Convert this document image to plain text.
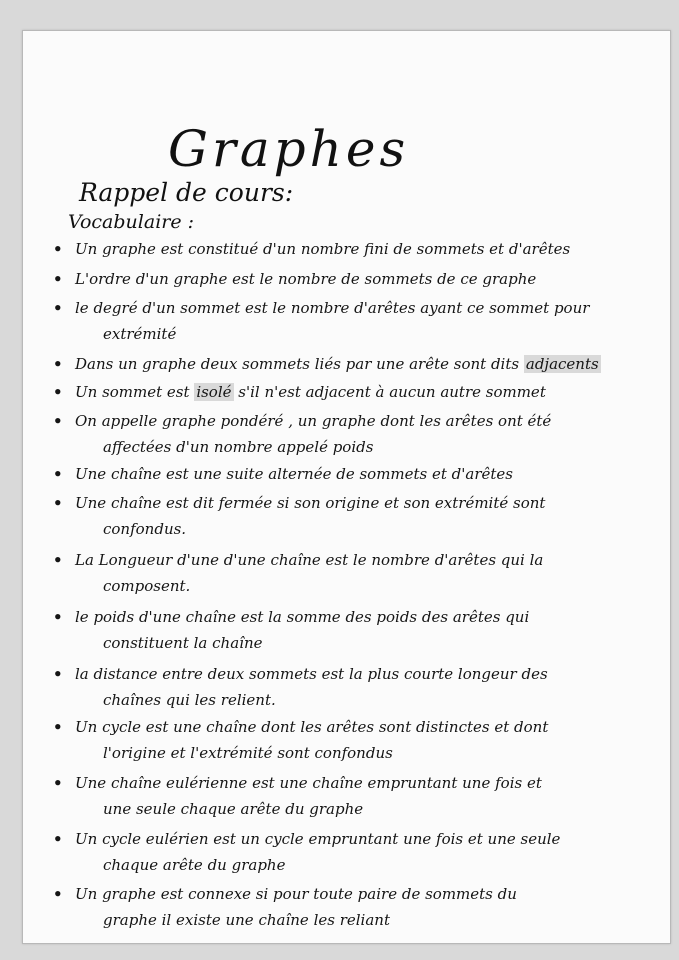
Graphes
Rappel de cours:
Vocabulaire :
• Un graphe est constitué d'un nombre fini de sommets et d'arêtes
• L'ordre d'un graphe est le nombre de sommets de ce graphe
• le degré d'un sommet est le nombre d'arêtes ayant ce sommet pour
extrémité
• Dans un graphe deux sommets liés par une arête sont dits adjacents
• Un sommet est isolé s'il n'est adjacent à aucun autre sommet
• On appelle graphe pondéré , un graphe dont les arêtes ont été
affectées d'un nombre appelé poids
• Une chaîne est une suite alternée de sommets et d'arêtes
• Une chaîne est dit fermée si son origine et son extrémité sont
confondus.
• La Longueur d'une d'une chaîne est le nombre d'arêtes qui la
composent.
• le poids d'une chaîne est la somme des poids des arêtes qui
constituent la chaîne
• la distance entre deux sommets est la plus courte longeur des
chaînes qui les relient.
• Un cycle est une chaîne dont les arêtes sont distinctes et dont
l'origine et l'extrémité sont confondus
• Une chaîne eulérienne est une chaîne empruntant une fois et
une seule chaque arête du graphe
• Un cycle eulérien est un cycle empruntant une fois et une seule
chaque arête du graphe
• Un graphe est connexe si pour toute paire de sommets du
graphe il existe une chaîne les reliant
